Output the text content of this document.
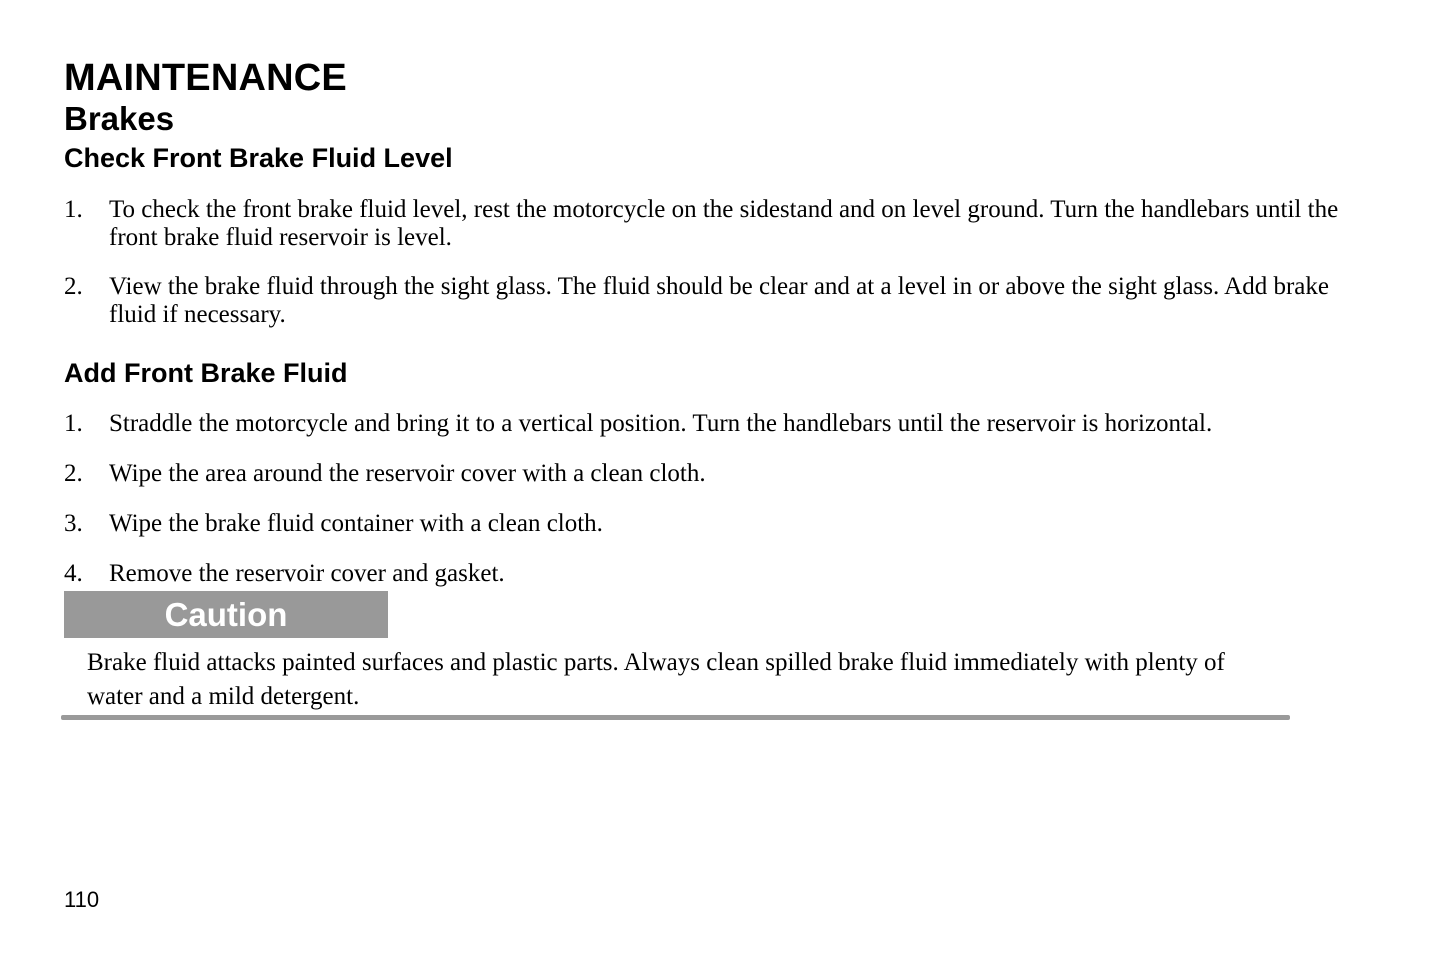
MAINTENANCE
Brakes
Check Front Brake Fluid Level
1. To check the front brake fluid level, rest the motorcycle on the sidestand and on level ground. Turn the handlebars until the front brake fluid reservoir is level.
2. View the brake fluid through the sight glass. The fluid should be clear and at a level in or above the sight glass. Add brake fluid if necessary.
Add Front Brake Fluid
1. Straddle the motorcycle and bring it to a vertical position. Turn the handlebars until the reservoir is horizontal.
2. Wipe the area around the reservoir cover with a clean cloth.
3. Wipe the brake fluid container with a clean cloth.
4. Remove the reservoir cover and gasket.
Caution

Brake fluid attacks painted surfaces and plastic parts. Always clean spilled brake fluid immediately with plenty of water and a mild detergent.

110
